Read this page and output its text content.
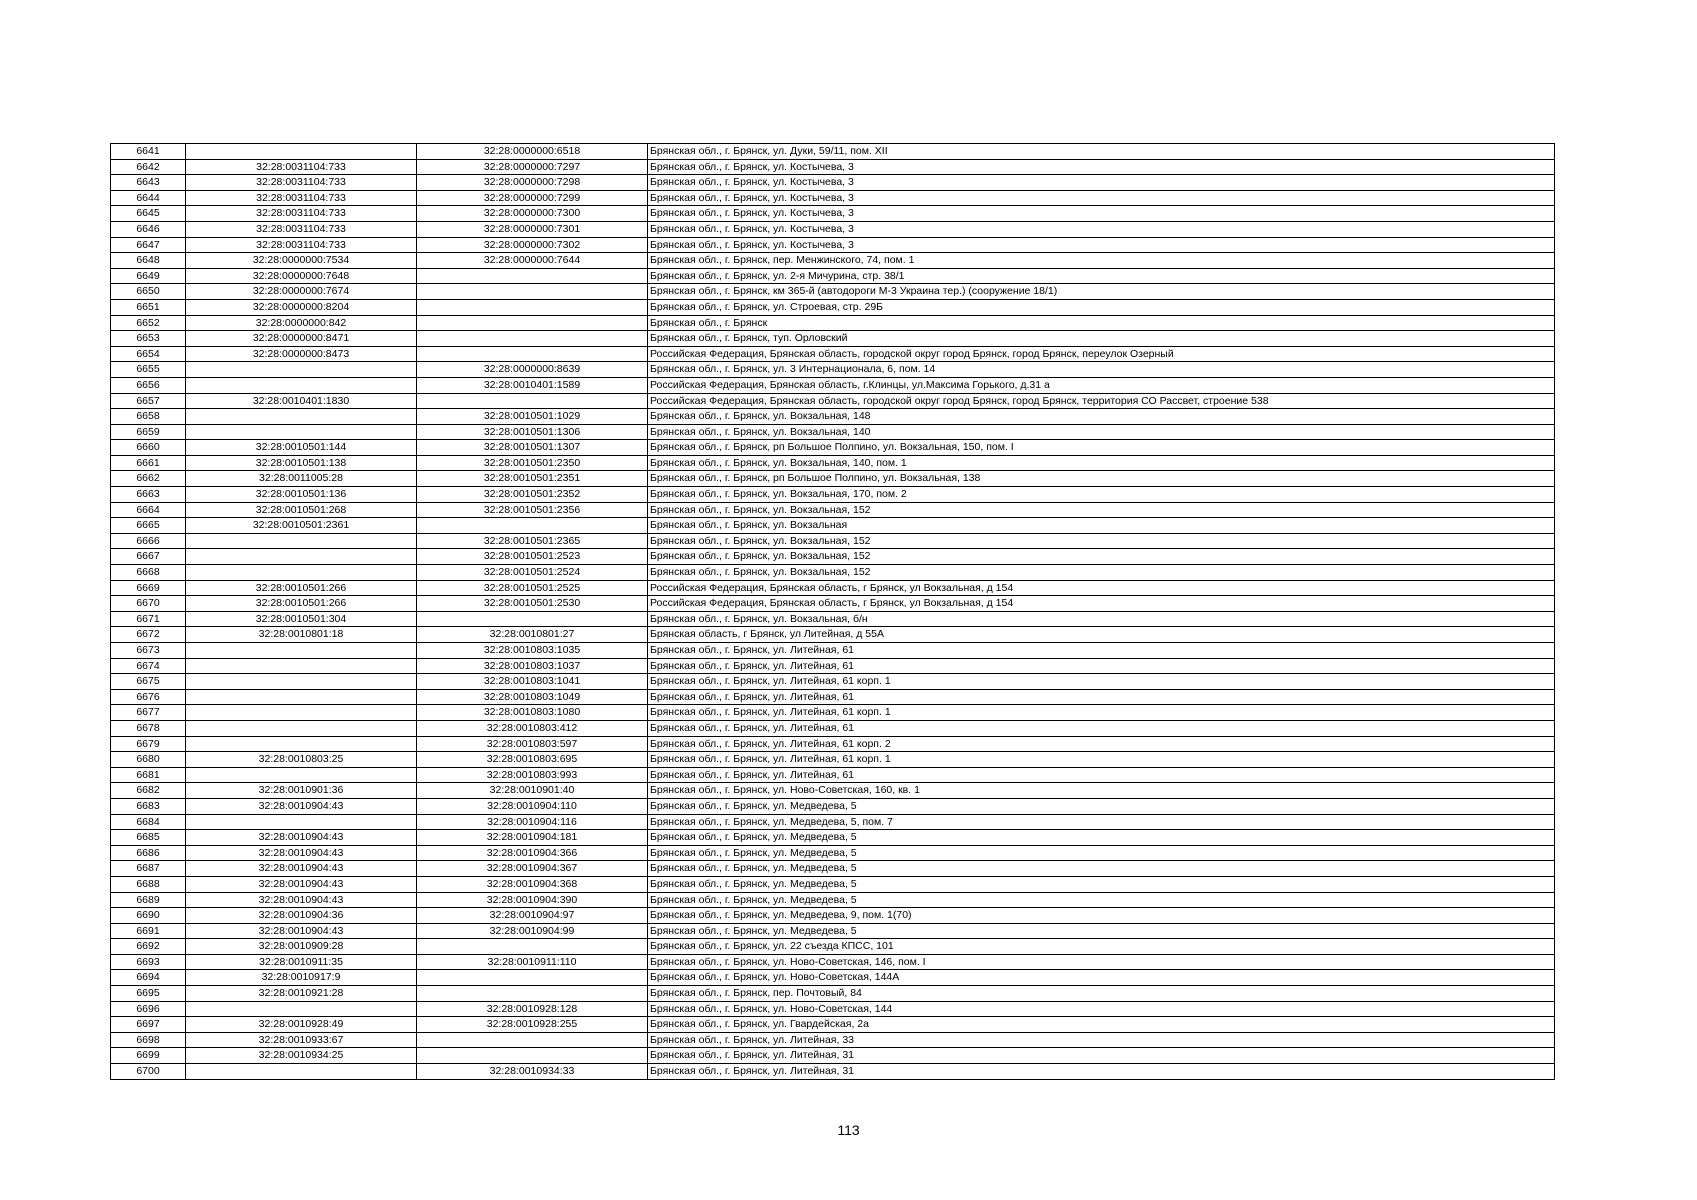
6641		32:28:0000000:6518	Брянская обл., г. Брянск, ул. Дуки, 59/11, пом. XII
6642	32:28:0031104:733	32:28:0000000:7297	Брянская обл., г. Брянск, ул. Костычева, 3
6643	32:28:0031104:733	32:28:0000000:7298	Брянская обл., г. Брянск, ул. Костычева, 3
6644	32:28:0031104:733	32:28:0000000:7299	Брянская обл., г. Брянск, ул. Костычева, 3
6645	32:28:0031104:733	32:28:0000000:7300	Брянская обл., г. Брянск, ул. Костычева, 3
6646	32:28:0031104:733	32:28:0000000:7301	Брянская обл., г. Брянск, ул. Костычева, 3
6647	32:28:0031104:733	32:28:0000000:7302	Брянская обл., г. Брянск, ул. Костычева, 3
6648	32:28:0000000:7534	32:28:0000000:7644	Брянская обл., г. Брянск, пер. Менжинского, 74, пом. 1
6649	32:28:0000000:7648		Брянская обл., г. Брянск, ул. 2-я Мичурина, стр. 38/1
6650	32:28:0000000:7674		Брянская обл., г. Брянск, км 365-й (автодороги М-3 Украина тер.) (сооружение 18/1)
6651	32:28:0000000:8204		Брянская обл., г. Брянск, ул. Строевая, стр. 29Б
6652	32:28:0000000:842		Брянская обл., г. Брянск
6653	32:28:0000000:8471		Брянская обл., г. Брянск, туп. Орловский
6654	32:28:0000000:8473		Российская Федерация, Брянская область, городской округ город Брянск, город Брянск, переулок Озерный
6655		32:28:0000000:8639	Брянская обл., г. Брянск, ул. 3 Интернационала, 6, пом. 14
6656		32:28:0010401:1589	Российская Федерация, Брянская область, г.Клинцы, ул.Максима Горького, д.31 а
6657	32:28:0010401:1830		Российская Федерация, Брянская область, городской округ город Брянск, город Брянск, территория СО Рассвет, строение 538
6658		32:28:0010501:1029	Брянская обл., г. Брянск, ул. Вокзальная, 148
6659		32:28:0010501:1306	Брянская обл., г. Брянск, ул. Вокзальная, 140
6660	32:28:0010501:144	32:28:0010501:1307	Брянская обл., г. Брянск, рп Большое Полпино, ул. Вокзальная, 150, пом. I
6661	32:28:0010501:138	32:28:0010501:2350	Брянская обл., г. Брянск, ул. Вокзальная, 140, пом. 1
6662	32:28:0011005:28	32:28:0010501:2351	Брянская обл., г. Брянск, рп Большое Полпино, ул. Вокзальная, 138
6663	32:28:0010501:136	32:28:0010501:2352	Брянская обл., г. Брянск, ул. Вокзальная, 170, пом. 2
6664	32:28:0010501:268	32:28:0010501:2356	Брянская обл., г. Брянск, ул. Вокзальная, 152
6665	32:28:0010501:2361		Брянская обл., г. Брянск, ул. Вокзальная
6666		32:28:0010501:2365	Брянская обл., г. Брянск, ул. Вокзальная, 152
6667		32:28:0010501:2523	Брянская обл., г. Брянск, ул. Вокзальная, 152
6668		32:28:0010501:2524	Брянская обл., г. Брянск, ул. Вокзальная, 152
6669	32:28:0010501:266	32:28:0010501:2525	Российская Федерация, Брянская область, г Брянск, ул Вокзальная, д 154
6670	32:28:0010501:266	32:28:0010501:2530	Российская Федерация, Брянская область, г Брянск, ул Вокзальная, д 154
6671	32:28:0010501:304		Брянская обл., г. Брянск, ул. Вокзальная, б/н
6672	32:28:0010801:18	32:28:0010801:27	Брянская область, г Брянск, ул Литейная, д 55А
6673		32:28:0010803:1035	Брянская обл., г. Брянск, ул. Литейная, 61
6674		32:28:0010803:1037	Брянская обл., г. Брянск, ул. Литейная, 61
6675		32:28:0010803:1041	Брянская обл., г. Брянск, ул. Литейная, 61 корп. 1
6676		32:28:0010803:1049	Брянская обл., г. Брянск, ул. Литейная, 61
6677		32:28:0010803:1080	Брянская обл., г. Брянск, ул. Литейная, 61 корп. 1
6678		32:28:0010803:412	Брянская обл., г. Брянск, ул. Литейная, 61
6679		32:28:0010803:597	Брянская обл., г. Брянск, ул. Литейная, 61 корп. 2
6680	32:28:0010803:25	32:28:0010803:695	Брянская обл., г. Брянск, ул. Литейная, 61 корп. 1
6681		32:28:0010803:993	Брянская обл., г. Брянск, ул. Литейная, 61
6682	32:28:0010901:36	32:28:0010901:40	Брянская обл., г. Брянск, ул. Ново-Советская, 160, кв. 1
6683	32:28:0010904:43	32:28:0010904:110	Брянская обл., г. Брянск, ул. Медведева, 5
6684		32:28:0010904:116	Брянская обл., г. Брянск, ул. Медведева, 5, пом. 7
6685	32:28:0010904:43	32:28:0010904:181	Брянская обл., г. Брянск, ул. Медведева, 5
6686	32:28:0010904:43	32:28:0010904:366	Брянская обл., г. Брянск, ул. Медведева, 5
6687	32:28:0010904:43	32:28:0010904:367	Брянская обл., г. Брянск, ул. Медведева, 5
6688	32:28:0010904:43	32:28:0010904:368	Брянская обл., г. Брянск, ул. Медведева, 5
6689	32:28:0010904:43	32:28:0010904:390	Брянская обл., г. Брянск, ул. Медведева, 5
6690	32:28:0010904:36	32:28:0010904:97	Брянская обл., г. Брянск, ул. Медведева, 9, пом. 1(70)
6691	32:28:0010904:43	32:28:0010904:99	Брянская обл., г. Брянск, ул. Медведева, 5
6692	32:28:0010909:28		Брянская обл., г. Брянск, ул. 22 съезда КПСС, 101
6693	32:28:0010911:35	32:28:0010911:110	Брянская обл., г. Брянск, ул. Ново-Советская, 146, пом. I
6694	32:28:0010917:9		Брянская обл., г. Брянск, ул. Ново-Советская, 144А
6695	32:28:0010921:28		Брянская обл., г. Брянск, пер. Почтовый, 84
6696		32:28:0010928:128	Брянская обл., г. Брянск, ул. Ново-Советская, 144
6697	32:28:0010928:49	32:28:0010928:255	Брянская обл., г. Брянск, ул. Гвардейская, 2а
6698	32:28:0010933:67		Брянская обл., г. Брянск, ул. Литейная, 33
6699	32:28:0010934:25		Брянская обл., г. Брянск, ул. Литейная, 31
6700		32:28:0010934:33	Брянская обл., г. Брянск, ул. Литейная, 31
113
